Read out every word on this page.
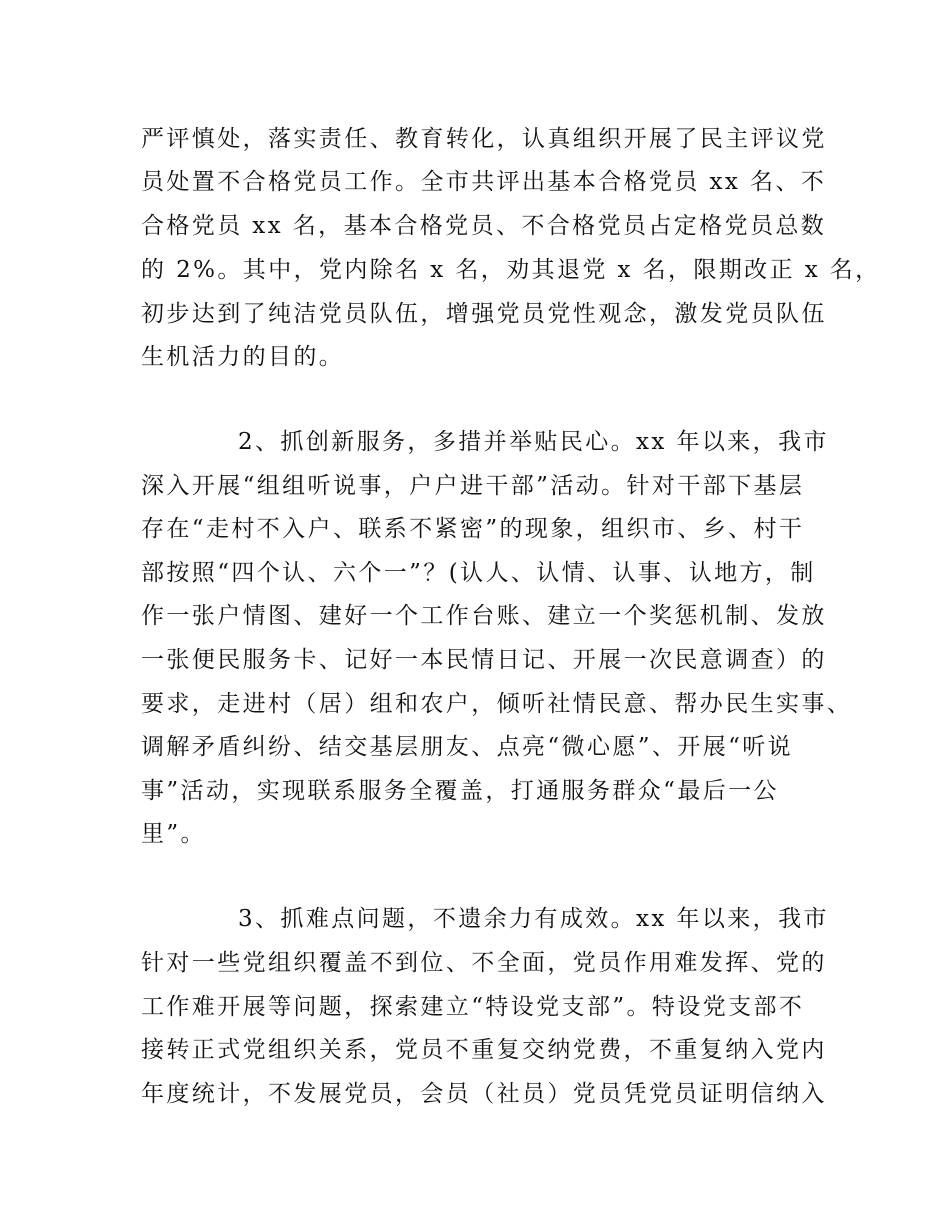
严评慎处，落实责任、教育转化，认真组织开展了民主评议党
员处置不合格党员工作。全市共评出基本合格党员 xx 名、不
合格党员 xx 名，基本合格党员、不合格党员占定格党员总数
的 2%。其中，党内除名 x 名，劝其退党 x 名，限期改正 x 名，
初步达到了纯洁党员队伍，增强党员党性观念，激发党员队伍
生机活力的目的。
2、抓创新服务，多措并举贴民心。xx 年以来，我市
深入开展“组组听说事，户户进干部”活动。针对干部下基层
存在“走村不入户、联系不紧密”的现象，组织市、乡、村干
部按照“四个认、六个一”？(认人、认情、认事、认地方，制
作一张户情图、建好一个工作台账、建立一个奖惩机制、发放
一张便民服务卡、记好一本民情日记、开展一次民意调查）的
要求，走进村（居）组和农户，倾听社情民意、帮办民生实事、
调解矛盾纠纷、结交基层朋友、点亮“微心愿”、开展“听说
事”活动，实现联系服务全覆盖，打通服务群众“最后一公
里”。
3、抓难点问题，不遗余力有成效。xx 年以来，我市
针对一些党组织覆盖不到位、不全面，党员作用难发挥、党的
工作难开展等问题，探索建立“特设党支部”。特设党支部不
接转正式党组织关系，党员不重复交纳党费，不重复纳入党内
年度统计，不发展党员，会员（社员）党员凭党员证明信纳入
